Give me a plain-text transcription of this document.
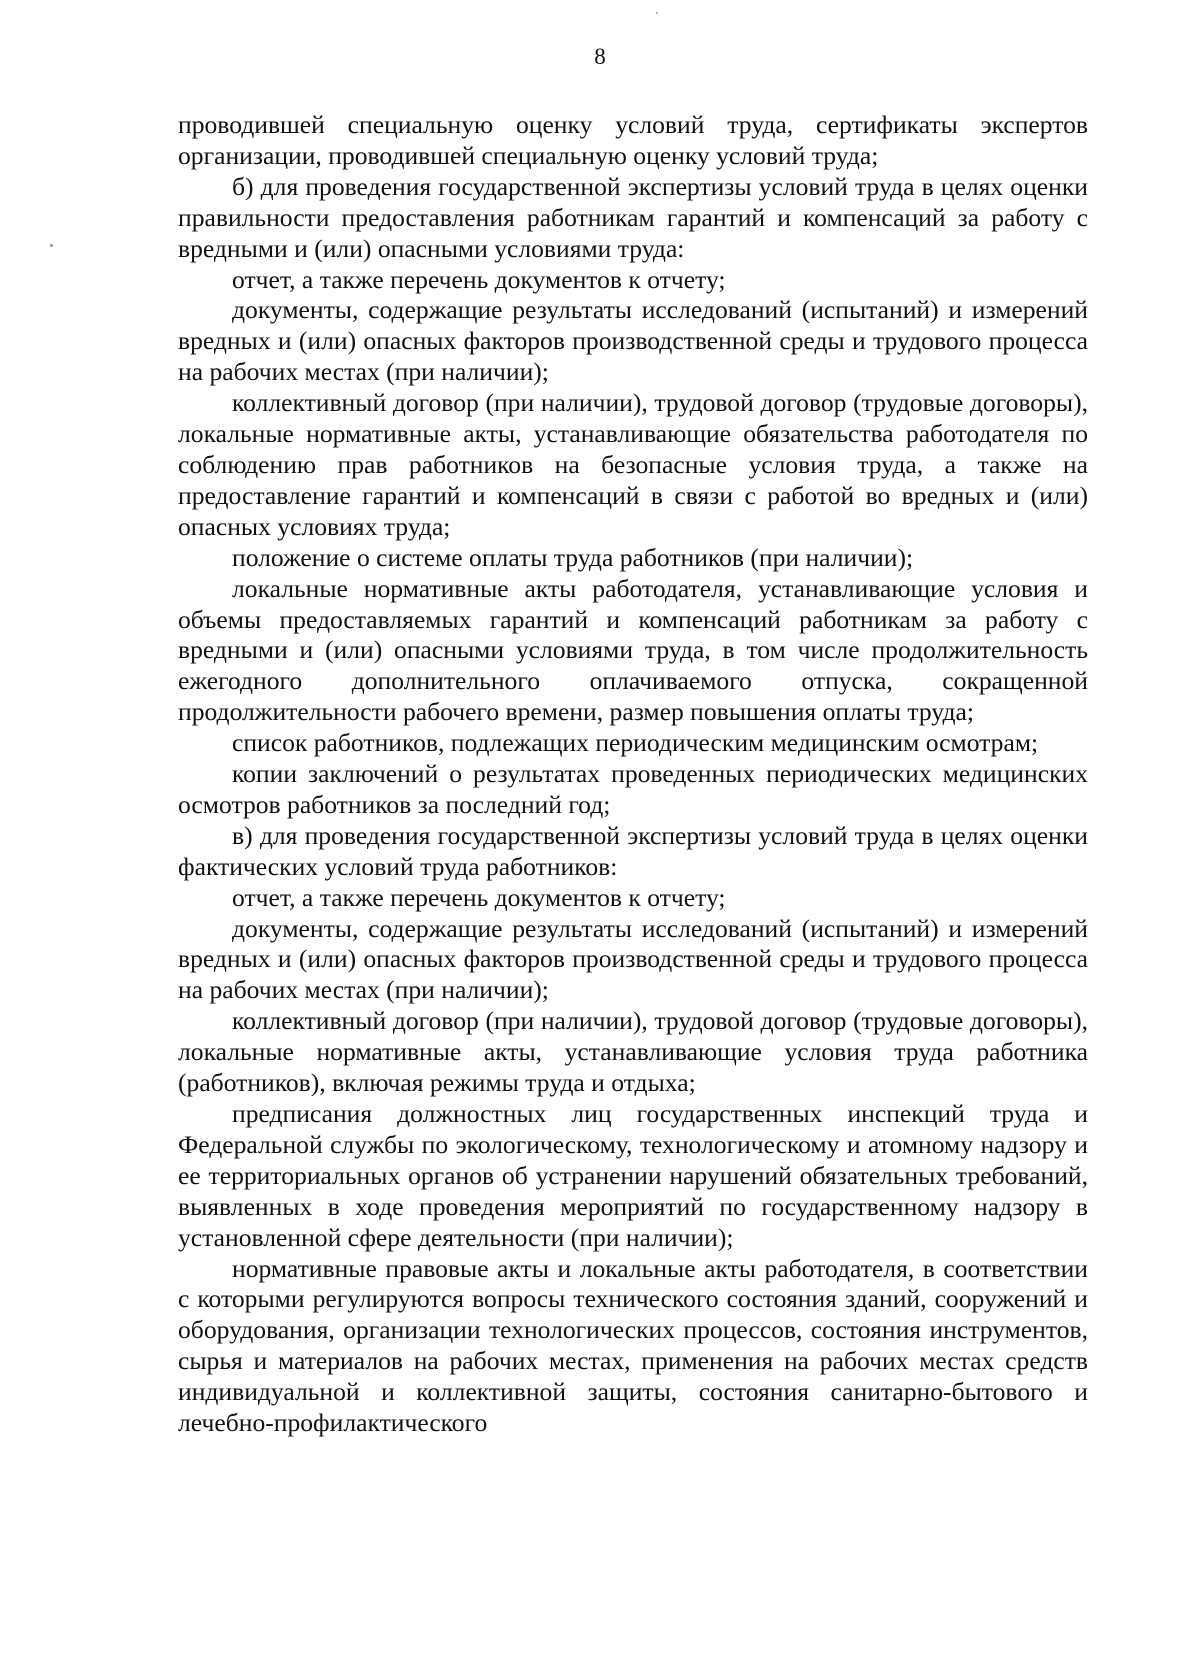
8

проводившей специальную оценку условий труда, сертификаты экспертов организации, проводившей специальную оценку условий труда;

б) для проведения государственной экспертизы условий труда в целях оценки правильности предоставления работникам гарантий и компенсаций за работу с вредными и (или) опасными условиями труда:

отчет, а также перечень документов к отчету;

документы, содержащие результаты исследований (испытаний) и измерений вредных и (или) опасных факторов производственной среды и трудового процесса на рабочих местах (при наличии);

коллективный договор (при наличии), трудовой договор (трудовые договоры), локальные нормативные акты, устанавливающие обязательства работодателя по соблюдению прав работников на безопасные условия труда, а также на предоставление гарантий и компенсаций в связи с работой во вредных и (или) опасных условиях труда;

положение о системе оплаты труда работников (при наличии);

локальные нормативные акты работодателя, устанавливающие условия и объемы предоставляемых гарантий и компенсаций работникам за работу с вредными и (или) опасными условиями труда, в том числе продолжительность ежегодного дополнительного оплачиваемого отпуска, сокращенной продолжительности рабочего времени, размер повышения оплаты труда;

список работников, подлежащих периодическим медицинским осмотрам;

копии заключений о результатах проведенных периодических медицинских осмотров работников за последний год;

в) для проведения государственной экспертизы условий труда в целях оценки фактических условий труда работников:

отчет, а также перечень документов к отчету;

документы, содержащие результаты исследований (испытаний) и измерений вредных и (или) опасных факторов производственной среды и трудового процесса на рабочих местах (при наличии);

коллективный договор (при наличии), трудовой договор (трудовые договоры), локальные нормативные акты, устанавливающие условия труда работника (работников), включая режимы труда и отдыха;

предписания должностных лиц государственных инспекций труда и Федеральной службы по экологическому, технологическому и атомному надзору и ее территориальных органов об устранении нарушений обязательных требований, выявленных в ходе проведения мероприятий по государственному надзору в установленной сфере деятельности (при наличии);

нормативные правовые акты и локальные акты работодателя, в соответствии с которыми регулируются вопросы технического состояния зданий, сооружений и оборудования, организации технологических процессов, состояния инструментов, сырья и материалов на рабочих местах, применения на рабочих местах средств индивидуальной и коллективной защиты, состояния санитарно-бытового и лечебно-профилактического
